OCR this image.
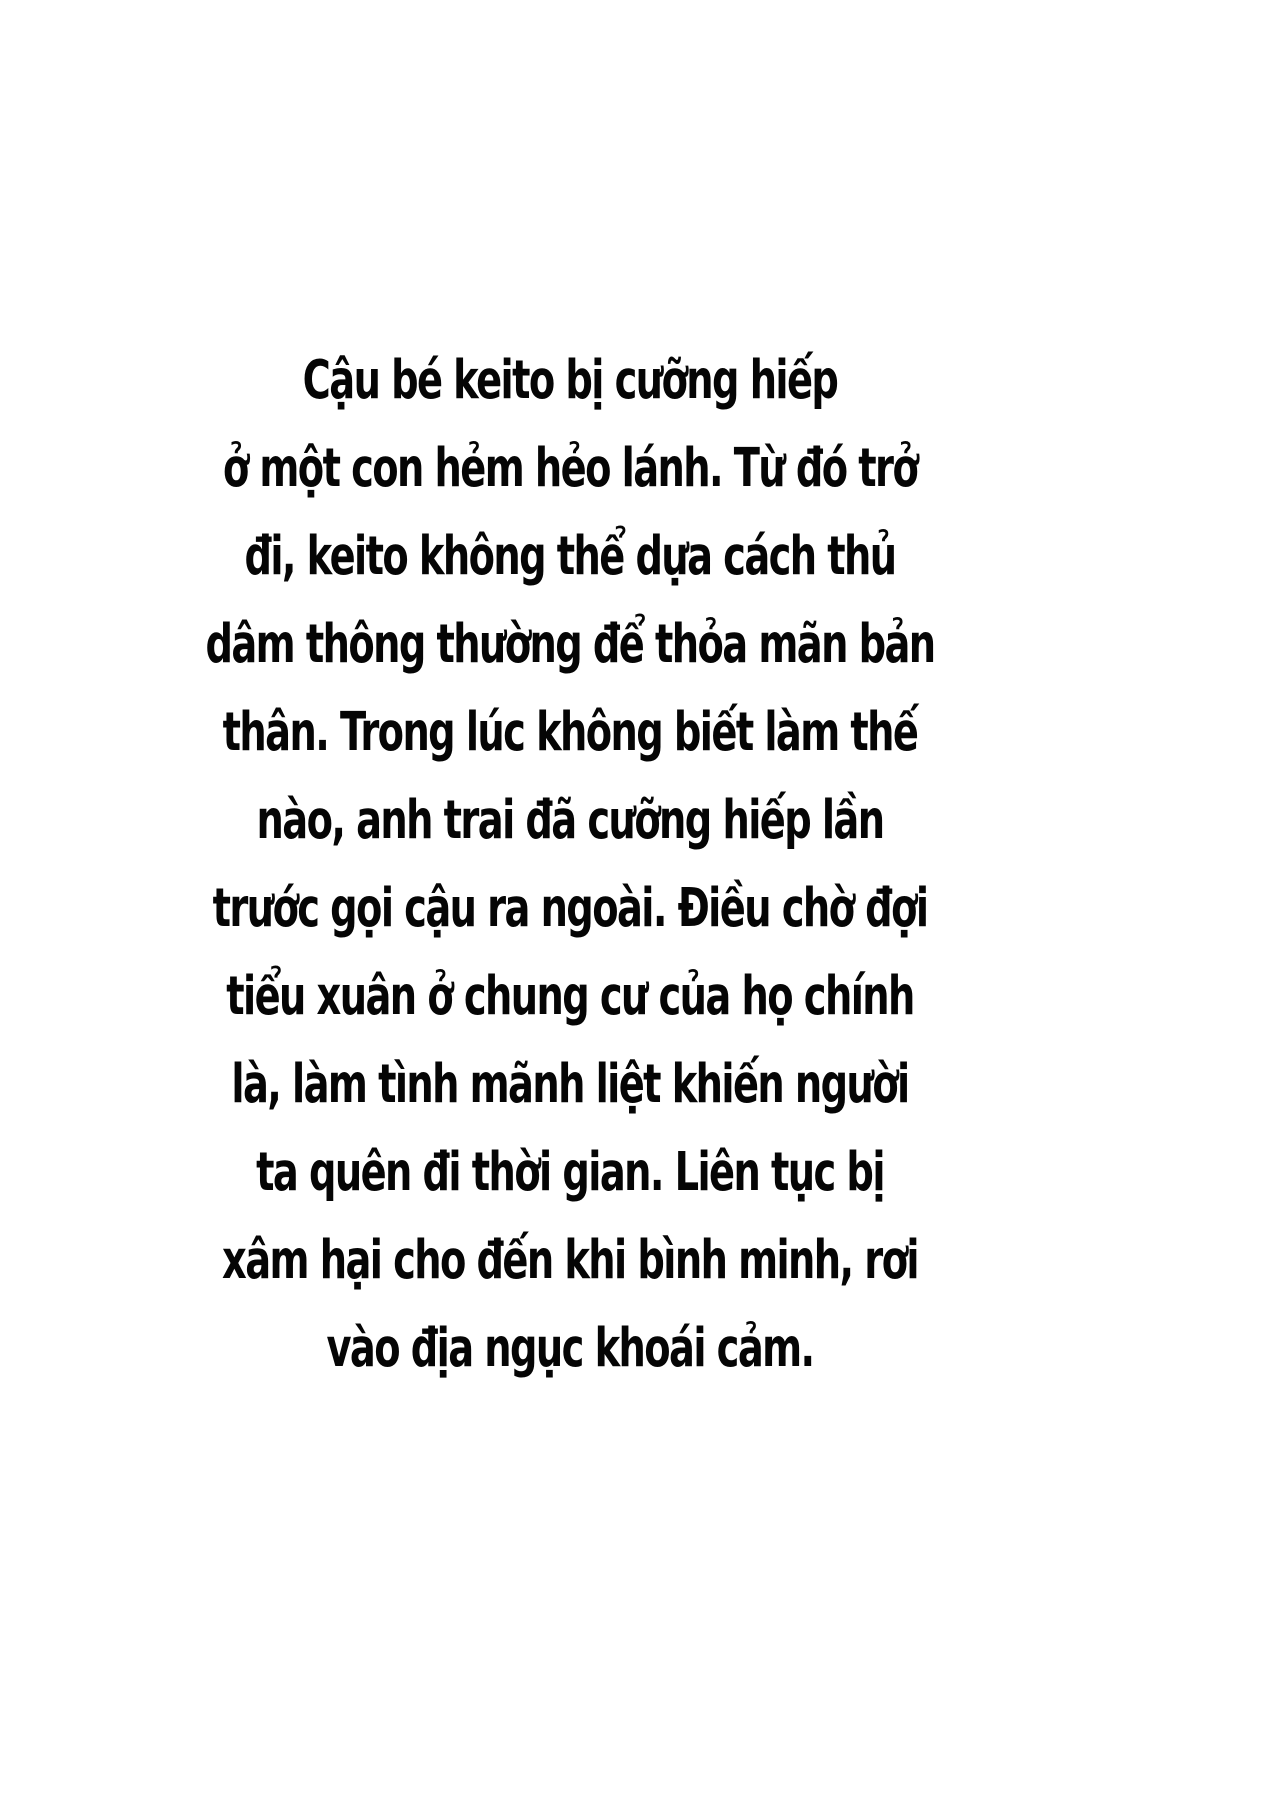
Cậu bé keito bị cưỡng hiếp

ở một con hẻm hẻo lánh. Từ đó trở

đi, keito không thể dựa cách thủ

dâm thông thường để thỏa mãn bản

thân. Trong lúc không biết làm thế

nào, anh trai đã cưỡng hiếp lần

trước gọi cậu ra ngoài. Điều chờ đợi

tiểu xuân ở chung cư của họ chính

là, làm tình mãnh liệt khiến người

ta quên đi thời gian. Liên tục bị

xâm hại cho đến khi bình minh, rơi

vào địa ngục khoái cảm.
